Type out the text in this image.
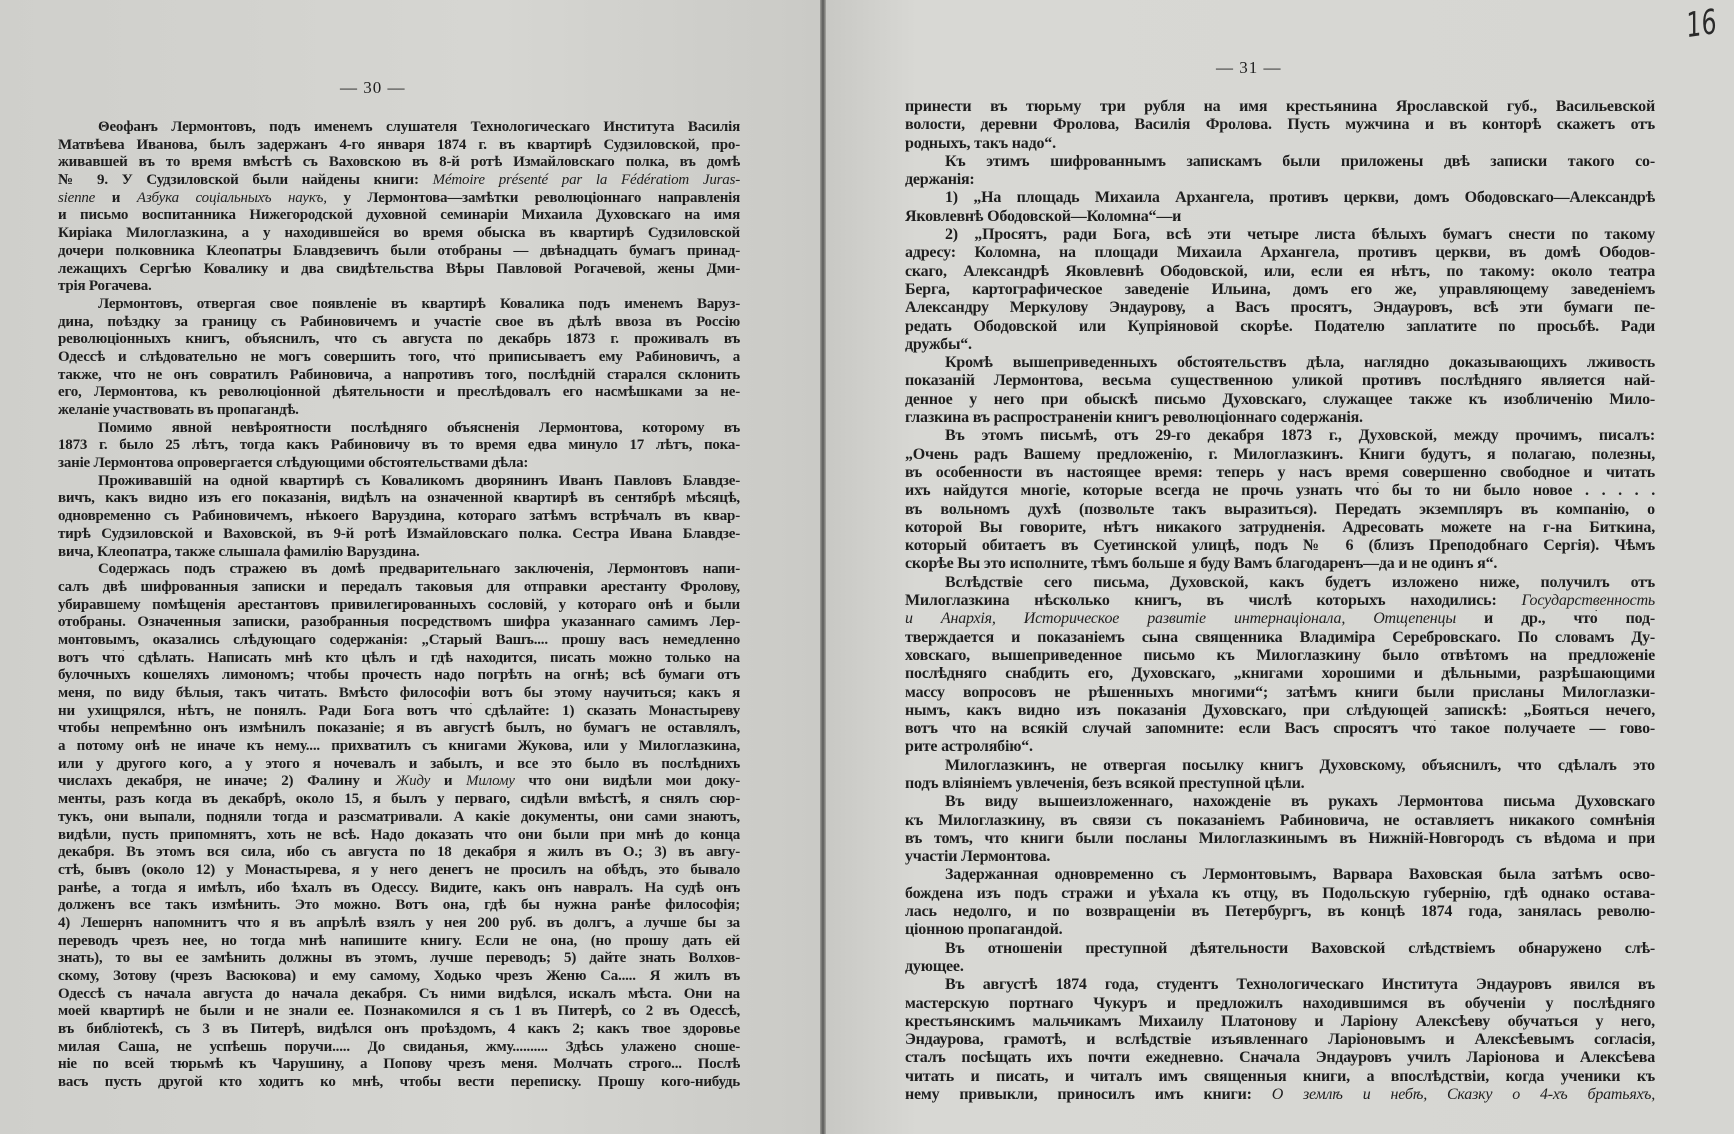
— 30 —
— 31 —
16
Θеофанъ Лермонтовъ, подъ именемъ слушателя Технологическаго Института Василія
Матвѣева Иванова, былъ задержанъ 4-го января 1874 г. въ квартирѣ Судзиловской, про-
живавшей въ то время вмѣстѣ съ Ваховскою въ 8-й ротѣ Измайловскаго полка, въ домѣ
№ 9. У Судзиловской были найдены книги: Mémoire présenté par la Fédératiom Juras-
sienne и Азбука соціальныхъ наукъ, у Лермонтова—замѣтки революціоннаго направленія
и письмо воспитанника Нижегородской духовной семинаріи Михаила Духовскаго на имя
Киріака Милоглазкина, а у находившейся во время обыска въ квартирѣ Судзиловской
дочери полковника Клеопатры Блавдзевичъ были отобраны — двѣнадцать бумагъ принад-
лежащихъ Сергѣю Ковалику и два свидѣтельства Вѣры Павловой Рогачевой, жены Дми-
трія Рогачева.
Лермонтовъ, отвергая свое появленіе въ квартирѣ Ковалика подъ именемъ Варуз-
дина, поѣздку за границу съ Рабиновичемъ и участіе свое въ дѣлѣ ввоза въ Россію
революціонныхъ книгъ, объяснилъ, что съ августа по декабрь 1873 г. проживалъ въ
Одессѣ и слѣдовательно не могъ совершить того, что̀ приписываетъ ему Рабиновичъ, а
также, что не онъ совратилъ Рабиновича, а напротивъ того, послѣдній старался склонить
его, Лермонтова, къ революціонной дѣятельности и преслѣдовалъ его насмѣшками за не-
желаніе участвовать въ пропагандѣ.
Помимо явной невѣроятности послѣдняго объясненія Лермонтова, которому въ
1873 г. было 25 лѣтъ, тогда какъ Рабиновичу въ то время едва минуло 17 лѣтъ, пока-
заніе Лермонтова опровергается слѣдующими обстоятельствами дѣла:
Проживавшій на одной квартирѣ съ Коваликомъ дворянинъ Иванъ Павловъ Блавдзе-
вичъ, какъ видно изъ его показанія, видѣлъ на означенной квартирѣ въ сентябрѣ мѣсяцѣ,
одновременно съ Рабиновичемъ, нѣкоего Варуздина, котораго затѣмъ встрѣчалъ въ квар-
тирѣ Судзиловской и Ваховской, въ 9-й ротѣ Измайловскаго полка. Сестра Ивана Блавдзе-
вича, Клеопатра, также слышала фамилію Варуздина.
Содержась подъ стражею въ домѣ предварительнаго заключенія, Лермонтовъ напи-
салъ двѣ шифрованныя записки и передалъ таковыя для отправки арестанту Фролову,
убиравшему помѣщенія арестантовъ привилегированныхъ сословій, у котораго онѣ и были
отобраны. Означенныя записки, разобранныя посредствомъ шифра указаннаго самимъ Лер-
монтовымъ, оказались слѣдующаго содержанія: „Старый Вашъ.... прошу васъ немедленно
вотъ что̀ сдѣлать. Написать мнѣ кто цѣлъ и гдѣ находится, писать можно только на
булочныхъ кошеляхъ лимономъ; чтобы прочесть надо погрѣть на огнѣ; всѣ бумаги отъ
меня, по виду бѣлыя, такъ читать. Вмѣсто философіи вотъ бы этому научиться; какъ я
ни ухищрялся, нѣтъ, не понялъ. Ради Бога вотъ что̀ сдѣлайте: 1) сказать Монастыреву
чтобы непремѣнно онъ измѣнилъ показаніе; я въ августѣ былъ, но бумагъ не оставлялъ,
а потому онѣ не иначе къ нему.... прихватилъ съ книгами Жукова, или у Милоглазкина,
или у другого кого, а у этого я ночевалъ и забылъ, и все это было въ послѣднихъ
числахъ декабря, не иначе; 2) Фалину и Жиду и Милому что они видѣли мои доку-
менты, разъ когда въ декабрѣ, около 15, я былъ у перваго, сидѣли вмѣстѣ, я снялъ сюр-
тукъ, они выпали, подняли тогда и разсматривали. А какіе документы, они сами знаютъ,
видѣли, пусть припомнятъ, хоть не всѣ. Надо доказать что они были при мнѣ до конца
декабря. Въ этомъ вся сила, ибо съ августа по 18 декабря я жилъ въ О.; 3) въ авгу-
стѣ, бывъ (около 12) у Монастырева, я у него денегъ не просилъ на обѣдъ, это бывало
ранѣе, а тогда я имѣлъ, ибо ѣхалъ въ Одессу. Видите, какъ онъ навралъ. На судѣ онъ
долженъ все такъ измѣнить. Это можно. Вотъ она, гдѣ бы нужна ранѣе философія;
4) Лешернъ напомнитъ что я въ апрѣлѣ взялъ у нея 200 руб. въ долгъ, а лучше бы за
переводъ чрезъ нее, но тогда мнѣ напишите книгу. Если не она, (но прошу дать ей
знать), то вы ее замѣнить должны въ этомъ, лучше переводъ; 5) дайте знать Волхов-
скому, Зотову (чрезъ Васюкова) и ему самому, Ходько чрезъ Женю Са..... Я жилъ въ
Одессѣ съ начала августа до начала декабря. Съ ними видѣлся, искалъ мѣста. Они на
моей квартирѣ не были и не знали ее. Познакомился я съ 1 въ Питерѣ, со 2 въ Одессѣ,
въ библіотекѣ, съ 3 въ Питерѣ, видѣлся онъ проѣздомъ, 4 какъ 2; какъ твое здоровье
милая Саша, не успѣешь поручи..... До свиданья, жму.......... Здѣсь улажено сноше-
ніе по всей тюрьмѣ къ Чарушину, а Попову чрезъ меня. Молчать строго... Послѣ
васъ пусть другой кто ходитъ ко мнѣ, чтобы вести переписку. Прошу кого-нибудь
принести въ тюрьму три рубля на имя крестьянина Ярославской губ., Васильевской
волости, деревни Фролова, Василія Фролова. Пусть мужчина и въ конторѣ скажетъ отъ
родныхъ, такъ надо“.
Къ этимъ шифрованнымъ запискамъ были приложены двѣ записки такого со-
держанія:
1) „На площадь Михаила Архангела, противъ церкви, домъ Ободовскаго—Александрѣ
Яковлевнѣ Ободовской—Коломна“—и
2) „Просятъ, ради Бога, всѣ эти четыре листа бѣлыхъ бумагъ снести по такому
адресу: Коломна, на площади Михаила Архангела, противъ церкви, въ домѣ Ободов-
скаго, Александрѣ Яковлевнѣ Ободовской, или, если ея нѣтъ, по такому: около театра
Берга, картографическое заведеніе Ильина, домъ его же, управляющему заведеніемъ
Александру Меркулову Эндаурову, а Васъ просятъ, Эндауровъ, всѣ эти бумаги пе-
редать Ободовской или Купріяновой скорѣе. Подателю заплатите по просьбѣ. Ради
дружбы“.
Кромѣ вышеприведенныхъ обстоятельствъ дѣла, наглядно доказывающихъ лживость
показаній Лермонтова, весьма существенною уликой противъ послѣдняго является най-
денное у него при обыскѣ письмо Духовскаго, служащее также къ изобличенію Мило-
глазкина въ распространеніи книгъ революціоннаго содержанія.
Въ этомъ письмѣ, отъ 29-го декабря 1873 г., Духовской, между прочимъ, писалъ:
„Очень радъ Вашему предложенію, г. Милоглазкинъ. Книги будутъ, я полагаю, полезны,
въ особенности въ настоящее время: теперь у насъ время совершенно свободное и читать
ихъ найдутся многіе, которые всегда не прочь узнать что̀ бы то ни было новое . . . . .
въ вольномъ духѣ (позвольте такъ выразиться). Передать экземпляръ въ компанію, о
которой Вы говорите, нѣтъ никакого затрудненія. Адресовать можете на г-на Биткина,
который обитаетъ въ Суетинской улицѣ, подъ № 6 (близъ Преподобнаго Сергія). Чѣмъ
скорѣе Вы это исполните, тѣмъ больше я буду Вамъ благодаренъ—да и не одинъ я“.
Вслѣдствіе сего письма, Духовской, какъ будетъ изложено ниже, получилъ отъ
Милоглазкина нѣсколько книгъ, въ числѣ которыхъ находились: Государственность
и Анархія, Историческое развитіе интернаціонала, Отщепенцы и др., что̀ под-
тверждается и показаніемъ сына священника Владиміра Серебровскаго. По словамъ Ду-
ховскаго, вышеприведенное письмо къ Милоглазкину было отвѣтомъ на предложеніе
послѣдняго снабдить его, Духовскаго, „книгами хорошими и дѣльными, разрѣшающими
массу вопросовъ не рѣшенныхъ многими“; затѣмъ книги были присланы Милоглазки-
нымъ, какъ видно изъ показанія Духовскаго, при слѣдующей запискѣ: „Бояться нечего,
вотъ что на всякій случай запомните: если Васъ спросятъ что̀ такое получаете — гово-
рите астролябію“.
Милоглазкинъ, не отвергая посылку книгъ Духовскому, объяснилъ, что сдѣлалъ это
подъ вліяніемъ увлеченія, безъ всякой преступной цѣли.
Въ виду вышеизложеннаго, нахожденіе въ рукахъ Лермонтова письма Духовскаго
къ Милоглазкину, въ связи съ показаніемъ Рабиновича, не оставляетъ никакого сомнѣнія
въ томъ, что книги были посланы Милоглазкинымъ въ Нижній-Новгородъ съ вѣдома и при
участіи Лермонтова.
Задержанная одновременно съ Лермонтовымъ, Варвара Ваховская была затѣмъ осво-
бождена изъ подъ стражи и уѣхала къ отцу, въ Подольскую губернію, гдѣ однако остава-
лась недолго, и по возвращеніи въ Петербургъ, въ концѣ 1874 года, занялась револю-
ціонною пропагандой.
Въ отношеніи преступной дѣятельности Ваховской слѣдствіемъ обнаружено слѣ-
дующее.
Въ августѣ 1874 года, студентъ Технологическаго Института Эндауровъ явился въ
мастерскую портнаго Чукуръ и предложилъ находившимся въ обученіи у послѣдняго
крестьянскимъ мальчикамъ Михаилу Платонову и Ларіону Алексѣеву обучаться у него,
Эндаурова, грамотѣ, и вслѣдствіе изъявленнаго Ларіоновымъ и Алексѣевымъ согласія,
сталъ посѣщать ихъ почти ежедневно. Сначала Эндауровъ училъ Ларіонова и Алексѣева
читать и писать, и читалъ имъ священныя книги, а впослѣдствіи, когда ученики къ
нему привыкли, приносилъ имъ книги: О землѣ и небѣ, Сказку о 4-хъ братьяхъ,
